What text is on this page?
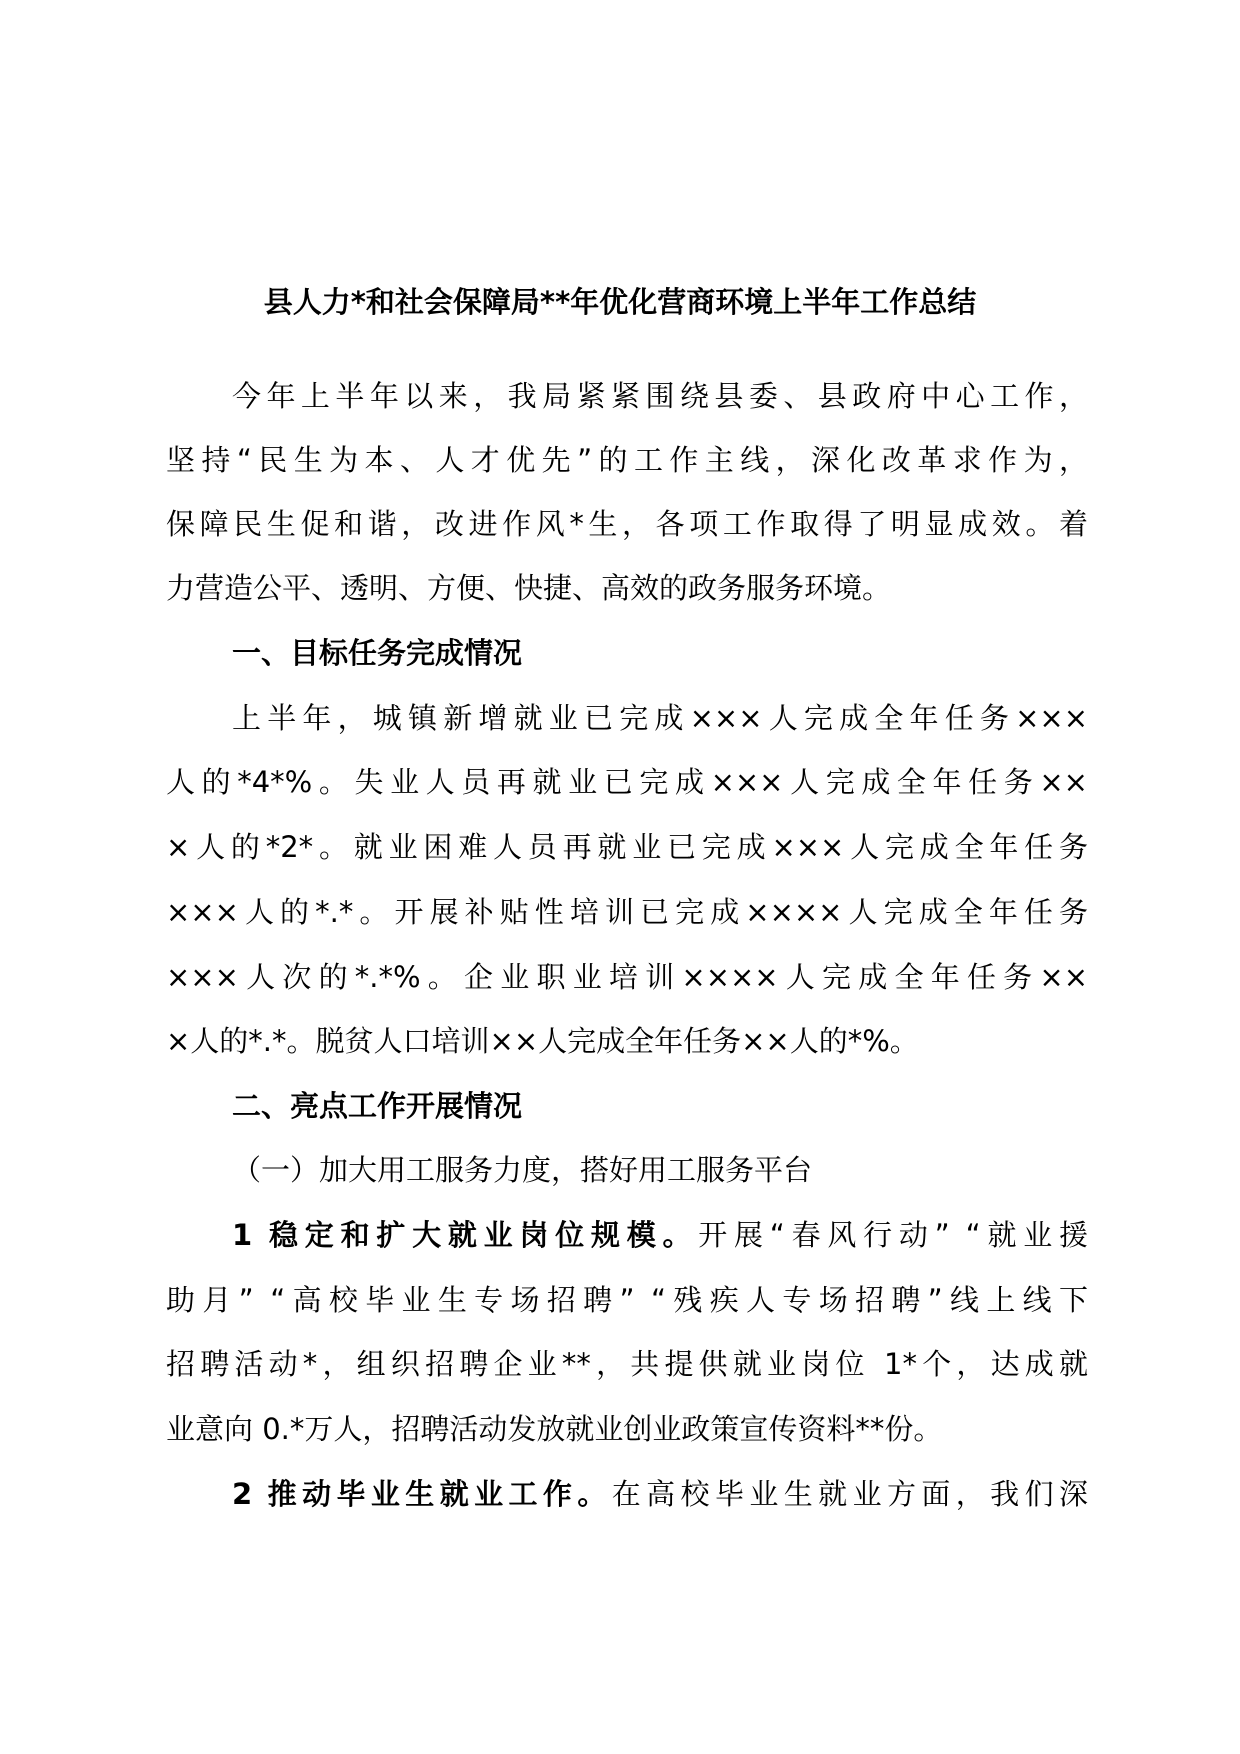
县人力*和社会保障局**年优化营商环境上半年工作总结
今年上半年以来，我局紧紧围绕县委、县政府中心工作，
坚持“民生为本、人才优先”的工作主线，深化改革求作为，
保障民生促和谐，改进作风*生，各项工作取得了明显成效。着
力营造公平、透明、方便、快捷、高效的政务服务环境。
一、目标任务完成情况
上半年，城镇新增就业已完成×××人完成全年任务×××
人的*4*%。失业人员再就业已完成×××人完成全年任务××
×人的*2*。就业困难人员再就业已完成×××人完成全年任务
×××人的*.*。开展补贴性培训已完成××××人完成全年任务
×××人次的*.*%。企业职业培训××××人完成全年任务××
×人的*.*。脱贫人口培训××人完成全年任务××人的*%。
二、亮点工作开展情况
（一）加大用工服务力度，搭好用工服务平台
1 稳定和扩大就业岗位规模。开展“春风行动” “就业援
助月” “高校毕业生专场招聘” “残疾人专场招聘”线上线下
招聘活动*，组织招聘企业**，共提供就业岗位 1*个，达成就
业意向 0.*万人，招聘活动发放就业创业政策宣传资料**份。
2 推动毕业生就业工作。在高校毕业生就业方面，我们深
